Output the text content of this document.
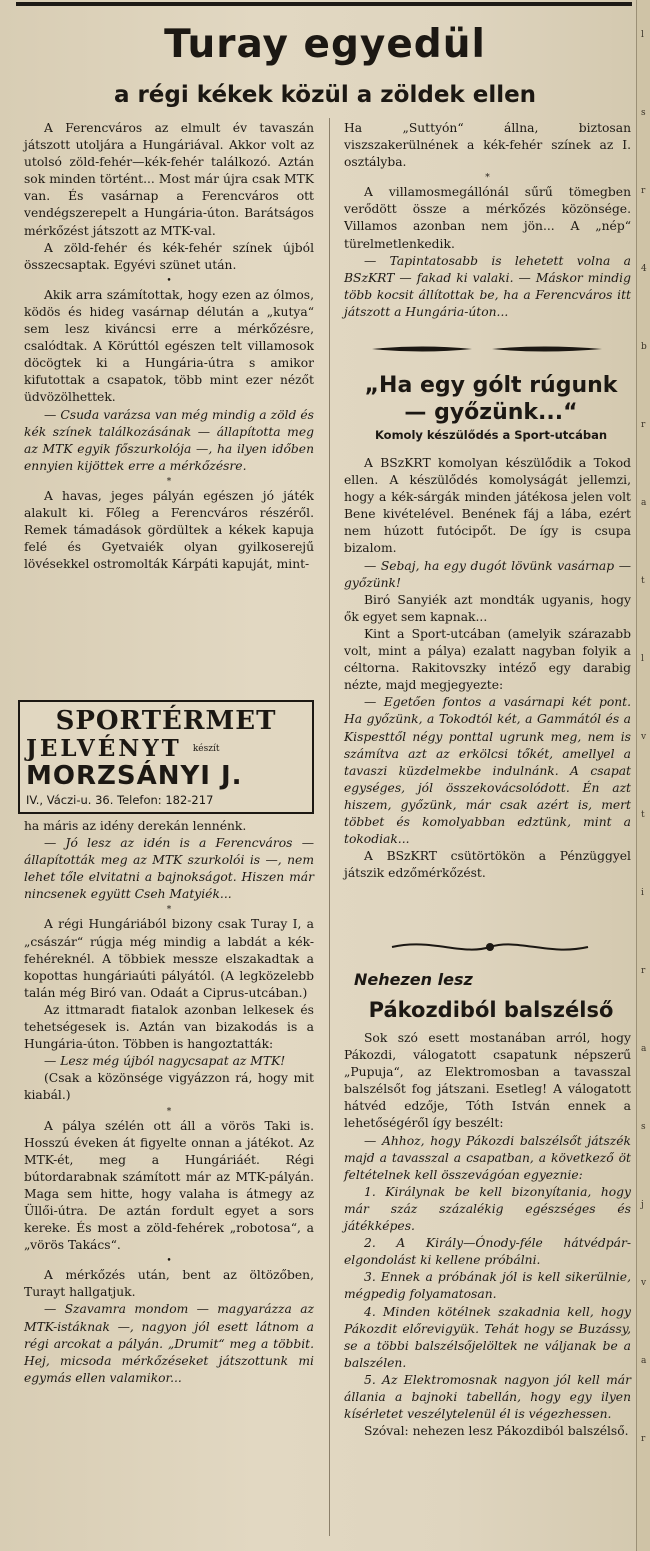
l
s
r
4
b
r
a
t
l
v
t
i
r
a
s
j
v
a
r
Turay egyedül
a régi kékek közül a zöldek ellen

A Ferencváros az elmult év tavaszán játszott utoljára a Hungáriával. Akkor volt az utolsó zöld-fehér—kék-fehér találkozó. Aztán sok minden történt... Most már újra csak MTK van. És vasárnap a Ferencváros ott vendégszerepelt a Hungária-úton. Barátságos mérkőzést játszott az MTK-val.

A zöld-fehér és kék-fehér színek újból összecsaptak. Egyévi szünet után.

•

Akik arra számítottak, hogy ezen az ólmos, ködös és hideg vasárnap délután a „kutya“ sem lesz kiváncsi erre a mérkőzésre, csalódtak. A Körúttól egészen telt villamosok döcögtek ki a Hungária-útra s amikor kifutottak a csapatok, több mint ezer nézőt üdvözölhettek.

— Csuda varázsa van még mindig a zöld és kék színek találkozásának — állapította meg az MTK egyik főszurkolója —, ha ilyen időben ennyien kijöttek erre a mérkőzésre.

*

A havas, jeges pályán egészen jó játék alakult ki. Főleg a Ferencváros részéről. Remek támadások gördültek a kékek kapuja felé és Gyetvaiék olyan gyilkoserejű lövésekkel ostromolták Kárpáti kapuját, mint-

SPORTÉRMET
JELVÉNYT $^{készít}$
MORZSÁNYI J.
IV., Váczi-u. 36. Telefon: 182-217

ha máris az idény derekán lennénk.

— Jó lesz az idén is a Ferencváros — állapították meg az MTK szurkolói is —, nem lehet tőle elvitatni a bajnokságot. Hiszen már nincsenek együtt Cseh Matyiék...

*

A régi Hungáriából bizony csak Turay I, a „császár“ rúgja még mindig a labdát a kék-fehéreknél. A többiek messze elszakadtak a kopottas hungáriaúti pályától. (A legközelebb talán még Biró van. Odaát a Ciprus-utcában.)

Az ittmaradt fiatalok azonban lelkesek és tehetségesek is. Aztán van bizakodás is a Hungária-úton. Többen is hangoztatták:

— Lesz még újból nagycsapat az MTK!

(Csak a közönsége vigyázzon rá, hogy mit kiabál.)

*

A pálya szélén ott áll a vörös Taki is. Hosszú éveken át figyelte onnan a játékot. Az MTK-ét, meg a Hungáriáét. Régi bútordarabnak számított már az MTK-pályán. Maga sem hitte, hogy valaha is átmegy az Üllői-útra. De aztán fordult egyet a sors kereke. És most a zöld-fehérek „robotosa“, a „vörös Takács“.

•

A mérkőzés után, bent az öltözőben, Turayt hallgatjuk.

— Szavamra mondom — magyarázza az MTK-istáknak —, nagyon jól esett látnom a régi arcokat a pályán. „Drumit“ meg a többit. Hej, micsoda mérkőzéseket játszottunk mi egymás ellen valamikor...

Ha „Suttyón“ állna, biztosan viszszakerülnének a kék-fehér színek az I. osztályba.

*

A villamosmegállónál sűrű tömegben verődött össze a mérkőzés közönsége. Villamos azonban nem jön... A „nép“ türelmetlenkedik.

— Tapintatosabb is lehetett volna a BSzKRT — fakad ki valaki. — Máskor mindig több kocsit állítottak be, ha a Ferencváros itt játszott a Hungária-úton...

„Ha egy gólt rúgunk — győzünk...“
Komoly készülődés a Sport-utcában

A BSzKRT komolyan készülődik a Tokod ellen. A készülődés komolyságát jellemzi, hogy a kék-sárgák minden játékosa jelen volt Bene kivételével. Benének fáj a lába, ezért nem húzott futócipőt. De így is csupa bizalom.

— Sebaj, ha egy dugót lövünk vasárnap — győzünk!

Biró Sanyiék azt mondták ugyanis, hogy ők egyet sem kapnak...

Kint a Sport-utcában (amelyik szárazabb volt, mint a pálya) ezalatt nagyban folyik a céltorna. Rakitovszky intéző egy darabig nézte, majd megjegyezte:

— Egetően fontos a vasárnapi két pont. Ha győzünk, a Tokodtól két, a Gammától és a Kispesttől négy ponttal ugrunk meg, nem is számítva azt az erkölcsi tőkét, amellyel a tavaszi küzdelmekbe indulnánk. A csapat egységes, jól összekovácsolódott. Én azt hiszem, győzünk, már csak azért is, mert többet és komolyabban edztünk, mint a tokodiak...

A BSzKRT csütörtökön a Pénzüggyel játszik edzőmérkőzést.

Nehezen lesz
Pákozdiból balszélső

Sok szó esett mostanában arról, hogy Pákozdi, válogatott csapatunk népszerű „Pupuja“, az Elektromosban a tavasszal balszélsőt fog játszani. Esetleg! A válogatott hátvéd edzője, Tóth István ennek a lehetőségéről így beszélt:

— Ahhoz, hogy Pákozdi balszélsőt játszék majd a tavasszal a csapatban, a következő öt feltételnek kell összevágóan egyeznie:

1. Királynak be kell bizonyítania, hogy már száz százalékig egészséges és játékképes.

2. A Király—Ónody-féle hátvédpár-elgondolást ki kellene próbálni.

3. Ennek a próbának jól is kell sikerülnie, mégpedig folyamatosan.

4. Minden kötélnek szakadnia kell, hogy Pákozdit előrevigyük. Tehát hogy se Buzássy, se a többi balszélsőjelöltek ne váljanak be a balszélen.

5. Az Elektromosnak nagyon jól kell már állania a bajnoki tabellán, hogy egy ilyen kísérletet veszélytelenül él is végezhessen.

Szóval: nehezen lesz Pákozdiból balszélső.
